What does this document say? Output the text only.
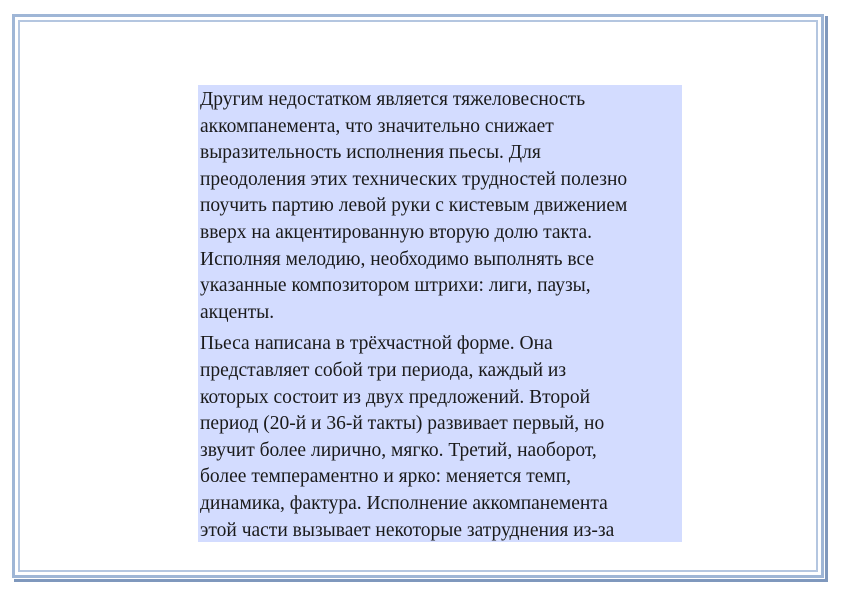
Другим недостатком является тяжеловесность
аккомпанемента, что значительно снижает
выразительность исполнения пьесы. Для
преодоления этих технических трудностей полезно
поучить партию левой руки с кистевым движением
вверх на акцентированную вторую долю такта.
Исполняя мелодию, необходимо выполнять все
указанные композитором штрихи: лиги, паузы,
акценты.

Пьеса написана в трёхчастной форме. Она
представляет собой три периода, каждый из
которых состоит из двух предложений. Второй
период (20-й и 36-й такты) развивает первый, но
звучит более лирично, мягко. Третий, наоборот,
более темпераментно и ярко: меняется темп,
динамика, фактура. Исполнение аккомпанемента
этой части вызывает некоторые затруднения из-за
